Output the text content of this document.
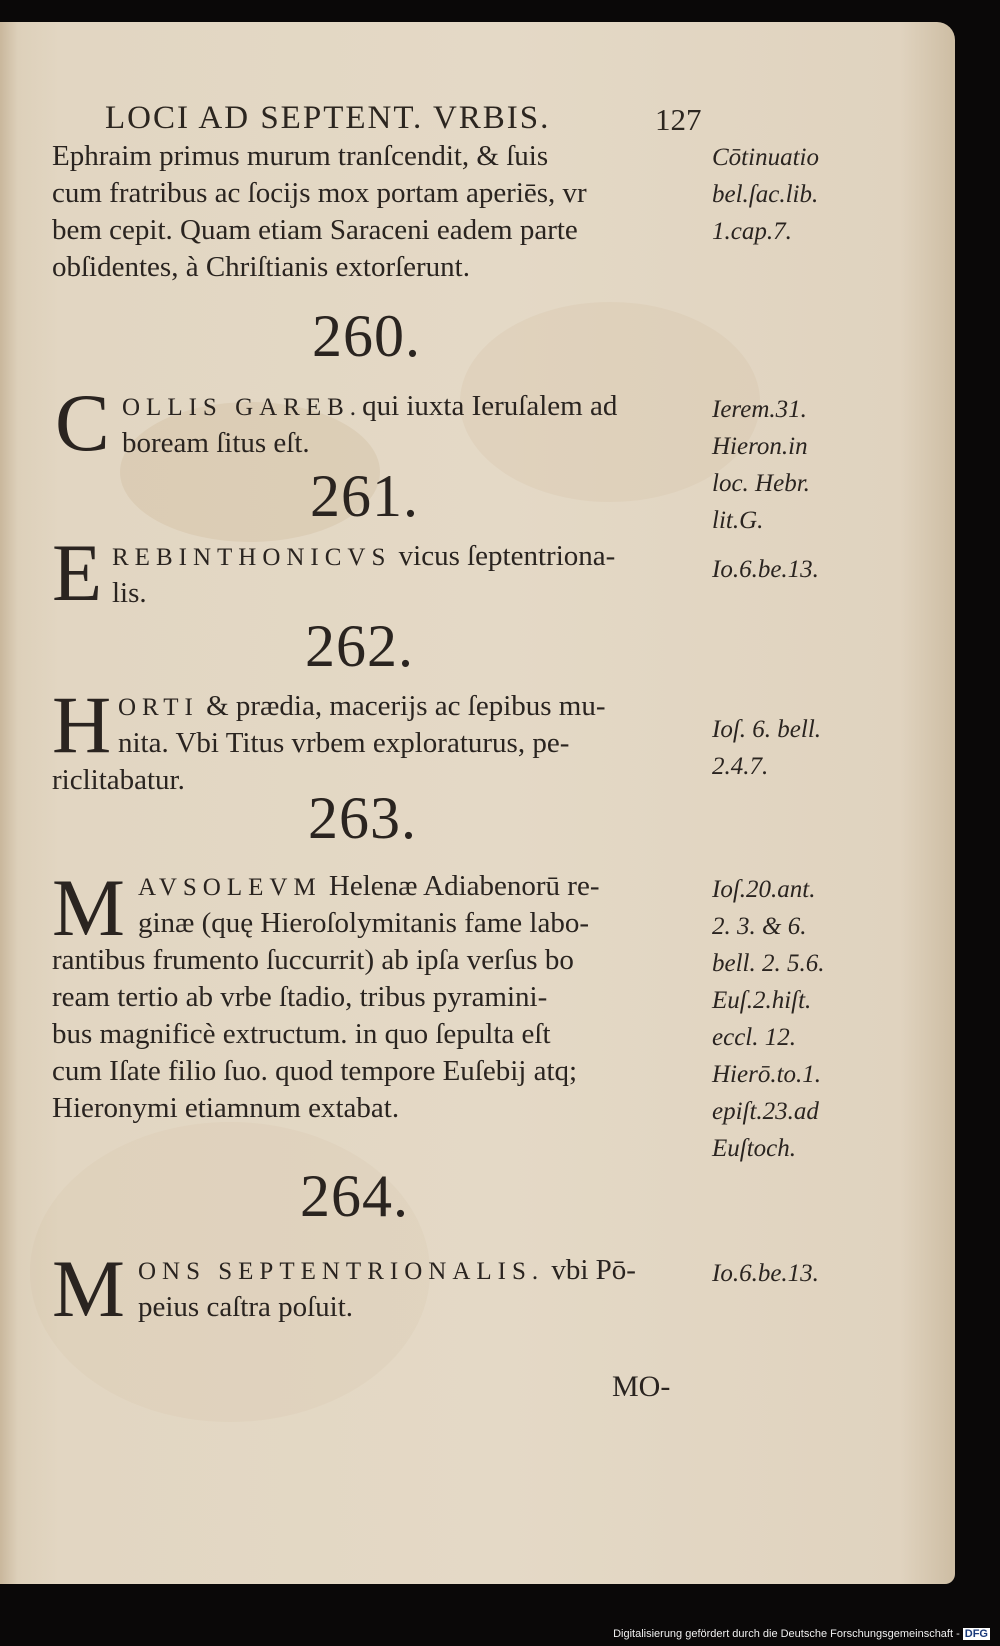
LOCI AD SEPTENT. VRBIS.	127
Ephraim primus murum tranſcendit, & ſuis
cum fratribus ac ſocijs mox portam aperiēs, vr
bem cepit. Quam etiam Saraceni eadem parte
obſidentes, à Chriſtianis extorſerunt.
Cōtinuatio
bel.ſac.lib.
1.cap.7.
260.
C OLLIS GAREB.qui iuxta Ieruſalem ad
boream ſitus eſt.
Ierem.31.
Hieron.in
loc. Hebr.
lit.G.
261.
E REBINTHONICVS vicus ſeptentriona-
lis.
Io.6.be.13.
262.
H ORTI & prædia, macerijs ac ſepibus mu-
nita. Vbi Titus vrbem exploraturus, pe-
riclitabatur.
Ioſ. 6. bell.
2.4.7.
263.
M AVSOLEVM Helenæ Adiabenorū re-
ginæ (quę Hieroſolymitanis fame labo-
rantibus frumento ſuccurrit) ab ipſa verſus bo
ream tertio ab vrbe ſtadio, tribus pyramini-
bus magnificè extructum. in quo ſepulta eſt
cum Iſate filio ſuo. quod tempore Euſebij atq;
Hieronymi etiamnum extabat.
Ioſ.20.ant.
2. 3. & 6.
bell. 2. 5.6.
Euſ.2.hiſt.
eccl. 12.
Hierō.to.1.
epiſt.23.ad
Euſtoch.
264.
M ONS SEPTENTRIONALIS. vbi Pō-
peius caſtra poſuit.
Io.6.be.13.
MO-
Digitalisierung gefördert durch die Deutsche Forschungsgemeinschaft - DFG
